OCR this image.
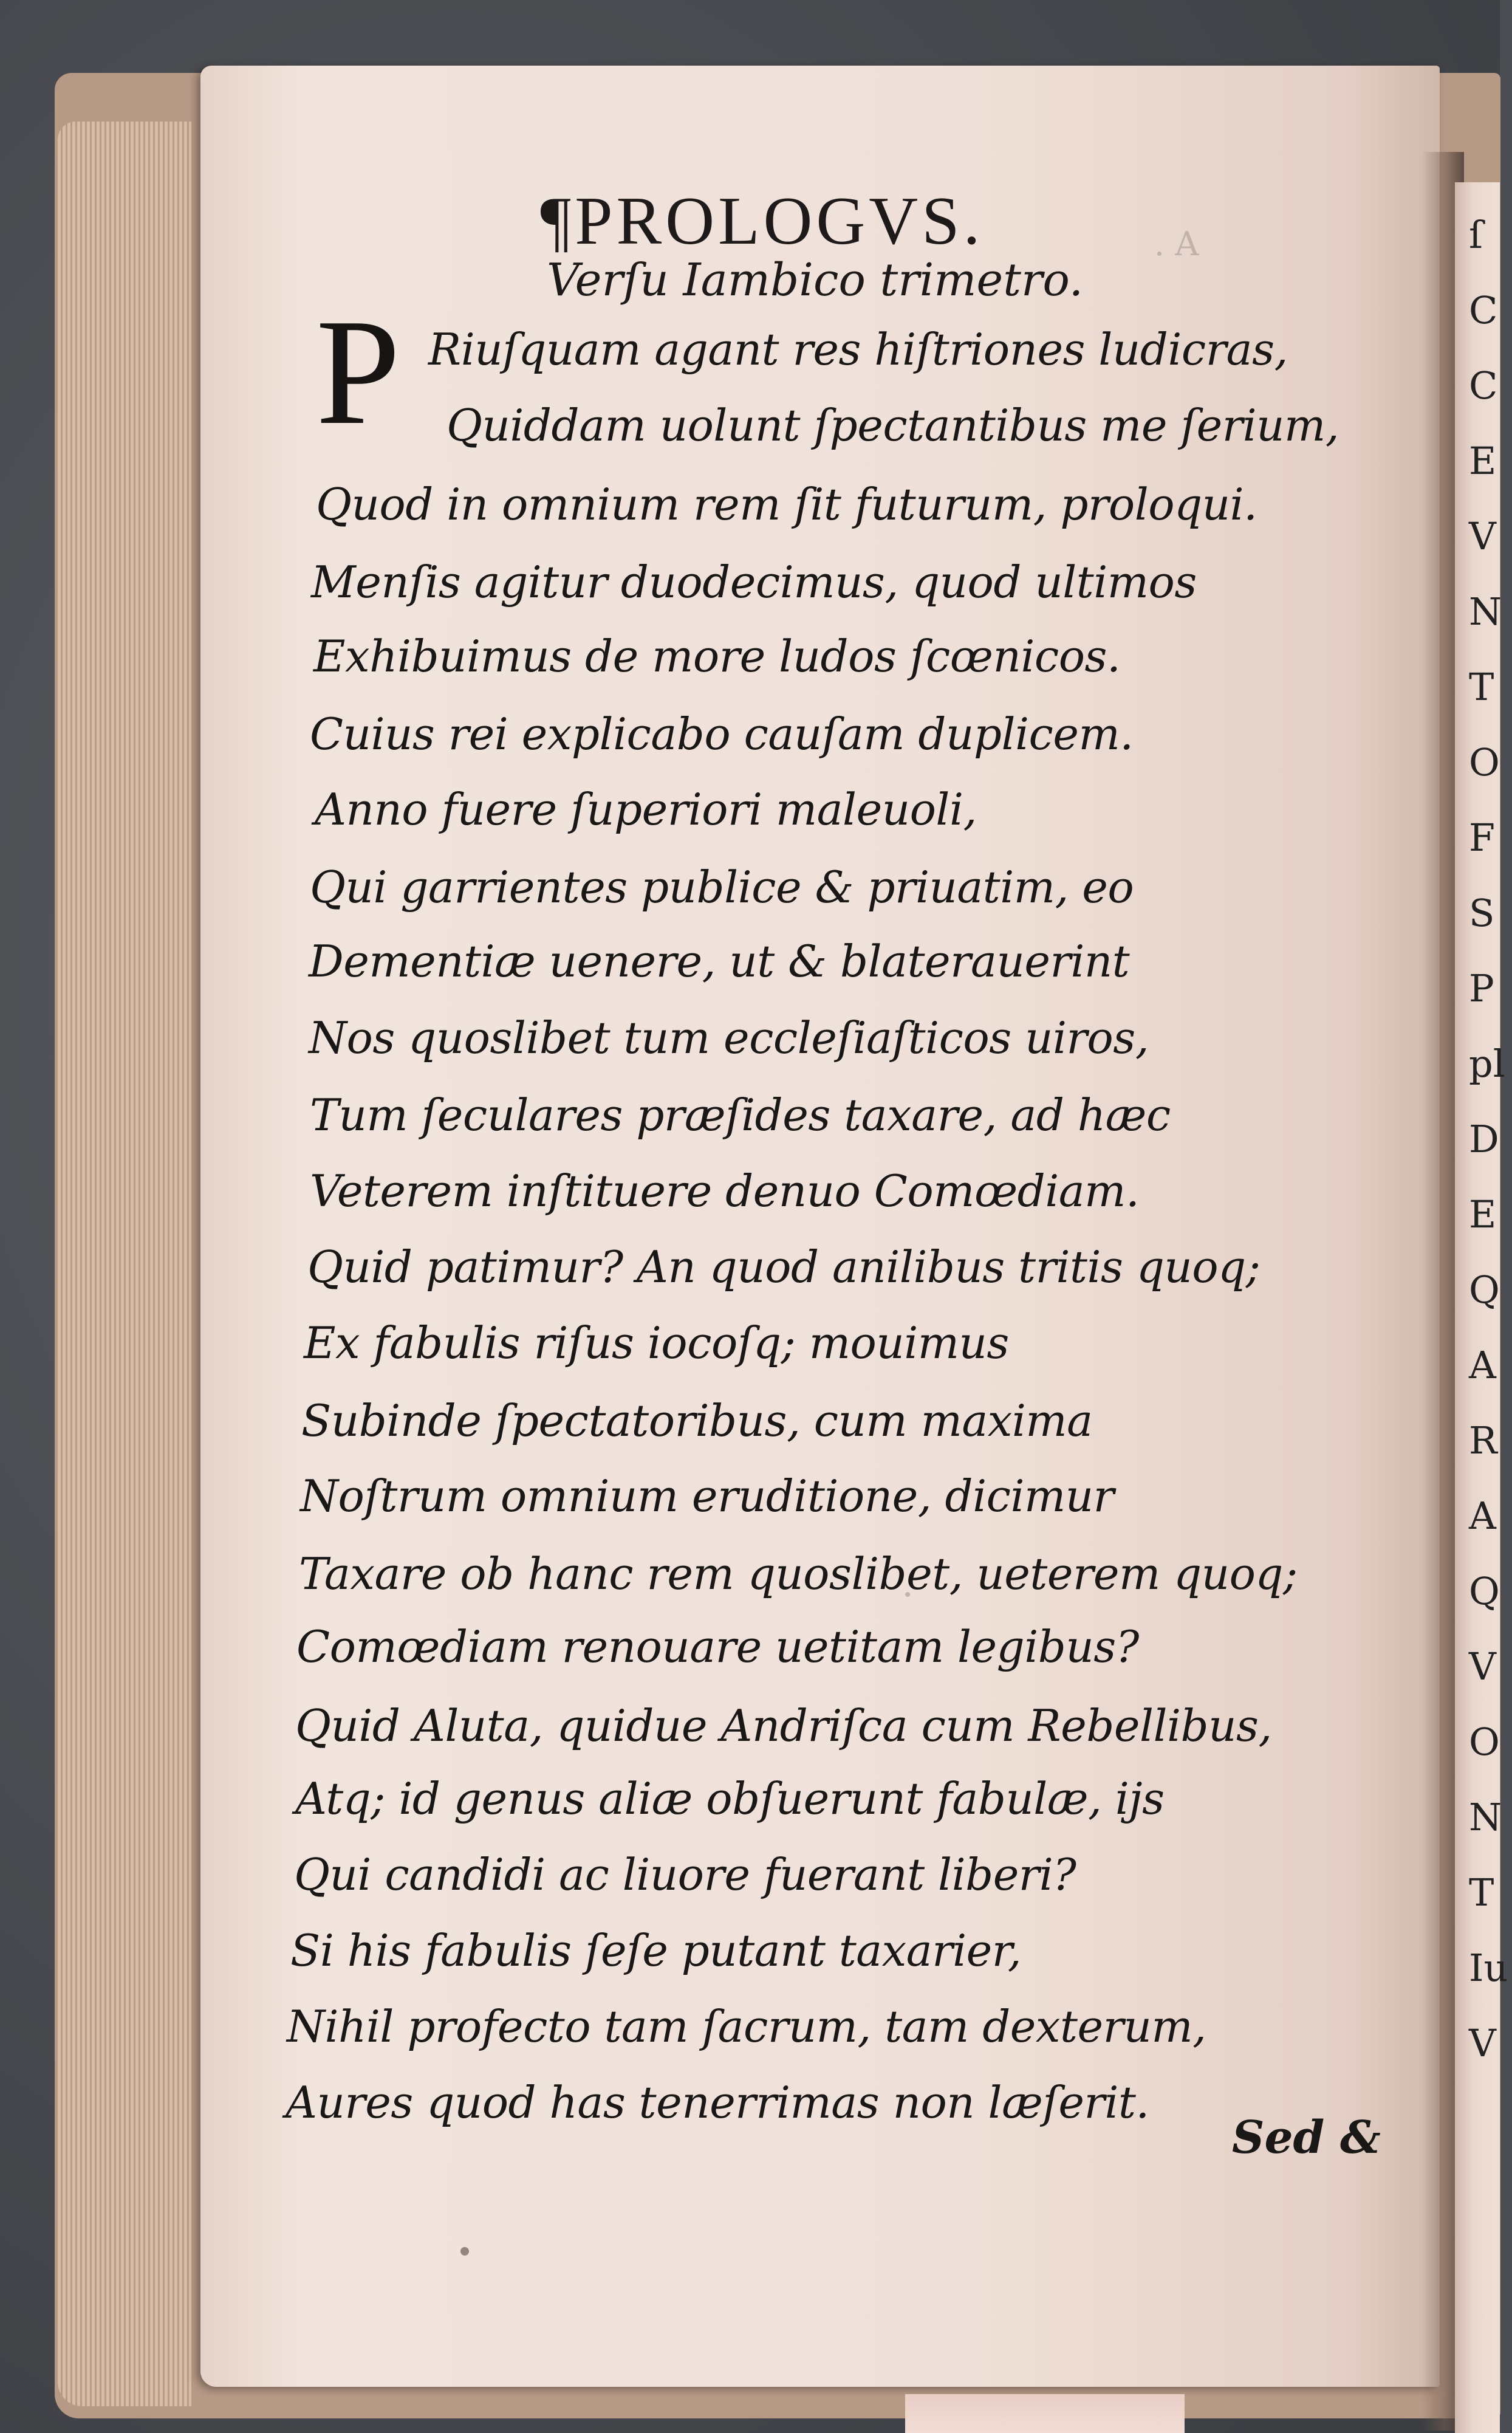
. A	ſ
C
C
E
V
N
T
O
F
S
P
pl
D
E
Q
A
R
A
Q
V
O
N
T
Iu
V
¶PROLOGVS.
Verſu Iambico trimetro.
P Riuſquam agant res hiſtriones ludicras,
Quiddam uolunt ſpectantibus me ſerium,
Quod in omnium rem ſit futurum, proloqui.
Menſis agitur duodecimus, quod ultimos
Exhibuimus de more ludos ſcœnicos.
Cuius rei explicabo cauſam duplicem.
Anno fuere ſuperiori maleuoli,
Qui garrientes publice & priuatim, eo
Dementiæ uenere, ut & blaterauerint
Nos quoslibet tum eccleſiaſticos uiros,
Tum ſeculares præſides taxare, ad hæc
Veterem inſtituere denuo Comœdiam.
Quid patimur? An quod anilibus tritis quoq;
Ex fabulis riſus iocoſq; mouimus
Subinde ſpectatoribus, cum maxima
Noſtrum omnium eruditione, dicimur
Taxare ob hanc rem quoslibet, ueterem quoq;
Comœdiam renouare uetitam legibus?
Quid Aluta, quidue Andriſca cum Rebellibus,
Atq; id genus aliæ obſuerunt fabulæ, ijs
Qui candidi ac liuore fuerant liberi?
Si his fabulis ſeſe putant taxarier,
Nihil profecto tam ſacrum, tam dexterum,
Aures quod has tenerrimas non læſerit.
Sed &
